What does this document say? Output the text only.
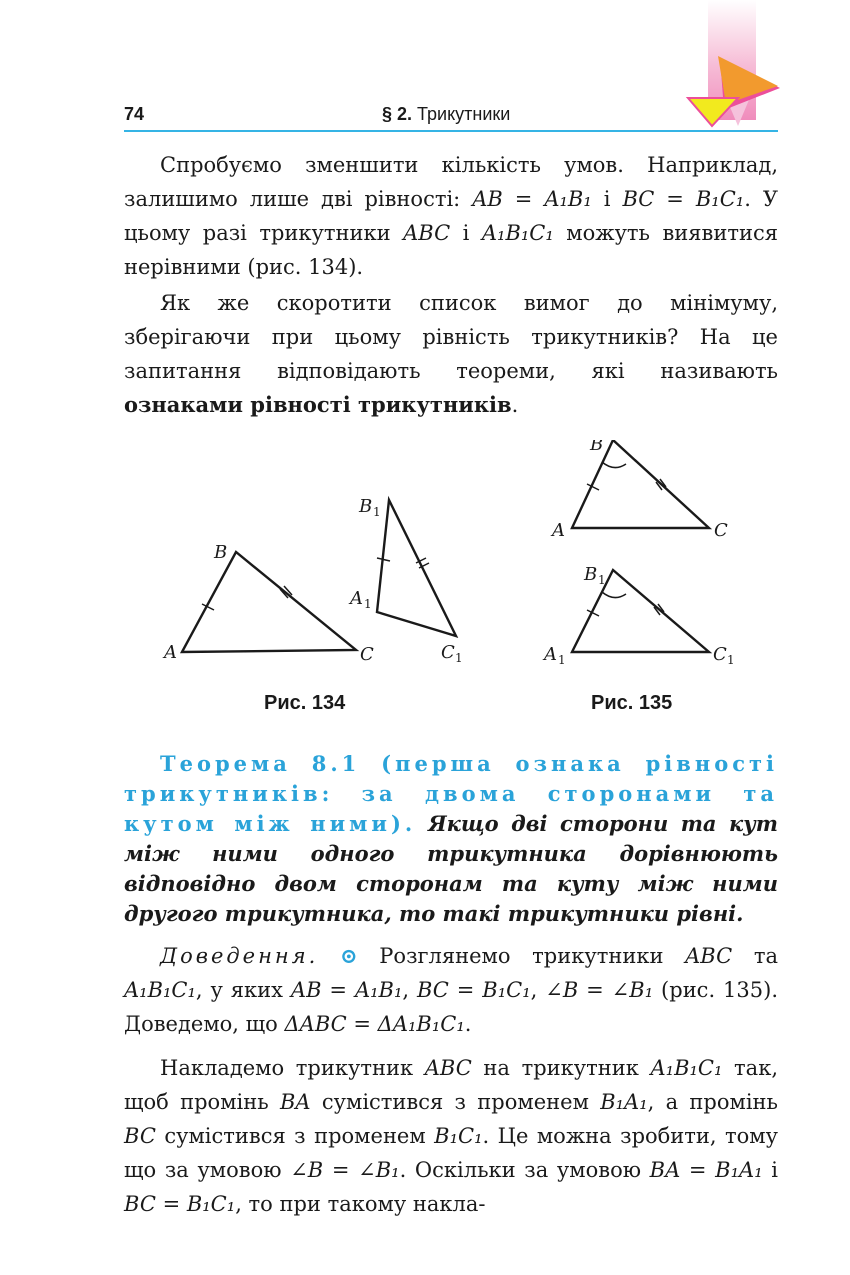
74	§ 2. Трикутники

Спробуємо зменшити кількість умов. Наприклад, залишимо лише дві рівності: AB = A₁B₁ і BC = B₁C₁. У цьому разі трикутники ABC і A₁B₁C₁ можуть виявитися нерівними (рис. 134).

Як же скоротити список вимог до мінімуму, зберігаючи при цьому рівність трикутників? На це запитання відповідають теореми, які називають ознаками рівності трикутників.

A
B
C
A 1
B 1
C 1
A
B
C
A 1
B 1
C 1
Рис. 134	Рис. 135

Теорема 8.1 (перша ознака рівності трикутників: за двома сторонами та кутом між ними). Якщо дві сторони та кут між ними одного трикутника дорівнюють відповідно двом сторонам та куту між ними другого трикутника, то такі трикутники рівні.

Доведення. ⊙ Розглянемо трикутники ABC та A₁B₁C₁, у яких AB = A₁B₁, BC = B₁C₁, ∠B = ∠B₁ (рис. 135). Доведемо, що ΔABC = ΔA₁B₁C₁.

Накладемо трикутник ABC на трикутник A₁B₁C₁ так, щоб промінь BA сумістився з променем B₁A₁, а промінь BC сумістився з променем B₁C₁. Це можна зробити, тому що за умовою ∠B = ∠B₁. Оскільки за умовою BA = B₁A₁ і BC = B₁C₁, то при такому накла-
